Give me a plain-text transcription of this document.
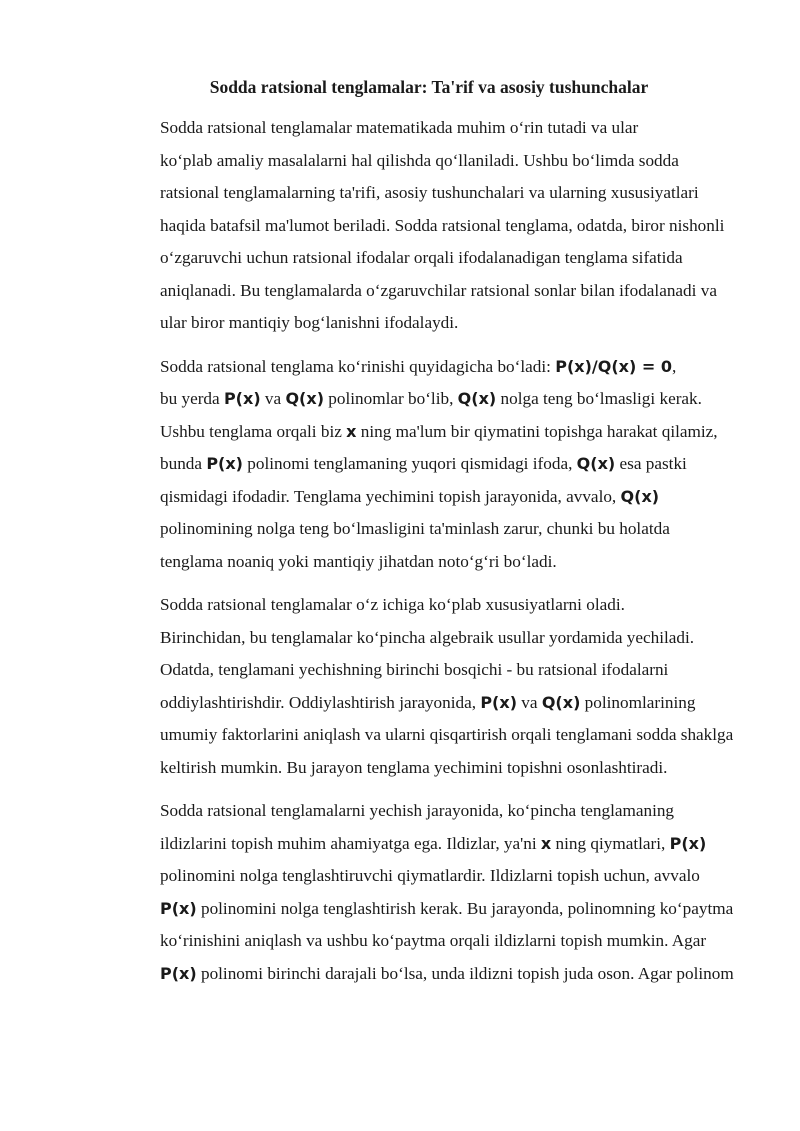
Sodda ratsional tenglamalar: Ta'rif va asosiy tushunchalar

Sodda ratsional tenglamalar matematikada muhim o‘rin tutadi va ular
ko‘plab amaliy masalalarni hal qilishda qo‘llaniladi. Ushbu bo‘limda sodda
ratsional tenglamalarning ta'rifi, asosiy tushunchalari va ularning xususiyatlari
haqida batafsil ma'lumot beriladi. Sodda ratsional tenglama, odatda, biror nishonli
o‘zgaruvchi uchun ratsional ifodalar orqali ifodalanadigan tenglama sifatida
aniqlanadi. Bu tenglamalarda o‘zgaruvchilar ratsional sonlar bilan ifodalanadi va
ular biror mantiqiy bog‘lanishni ifodalaydi.

Sodda ratsional tenglama ko‘rinishi quyidagicha bo‘ladi: P(x)/Q(x) = 0,
bu yerda P(x) va Q(x) polinomlar bo‘lib, Q(x) nolga teng bo‘lmasligi kerak.
Ushbu tenglama orqali biz x ning ma'lum bir qiymatini topishga harakat qilamiz,
bunda P(x) polinomi tenglamaning yuqori qismidagi ifoda, Q(x) esa pastki
qismidagi ifodadir. Tenglama yechimini topish jarayonida, avvalo, Q(x)
polinomining nolga teng bo‘lmasligini ta'minlash zarur, chunki bu holatda
tenglama noaniq yoki mantiqiy jihatdan noto‘g‘ri bo‘ladi.

Sodda ratsional tenglamalar o‘z ichiga ko‘plab xususiyatlarni oladi.
Birinchidan, bu tenglamalar ko‘pincha algebraik usullar yordamida yechiladi.
Odatda, tenglamani yechishning birinchi bosqichi - bu ratsional ifodalarni
oddiylashtirishdir. Oddiylashtirish jarayonida, P(x) va Q(x) polinomlarining
umumiy faktorlarini aniqlash va ularni qisqartirish orqali tenglamani sodda shaklga
keltirish mumkin. Bu jarayon tenglama yechimini topishni osonlashtiradi.

Sodda ratsional tenglamalarni yechish jarayonida, ko‘pincha tenglamaning
ildizlarini topish muhim ahamiyatga ega. Ildizlar, ya'ni x ning qiymatlari, P(x)
polinomini nolga tenglashtiruvchi qiymatlardir. Ildizlarni topish uchun, avvalo
P(x) polinomini nolga tenglashtirish kerak. Bu jarayonda, polinomning ko‘paytma
ko‘rinishini aniqlash va ushbu ko‘paytma orqali ildizlarni topish mumkin. Agar
P(x) polinomi birinchi darajali bo‘lsa, unda ildizni topish juda oson. Agar polinom
